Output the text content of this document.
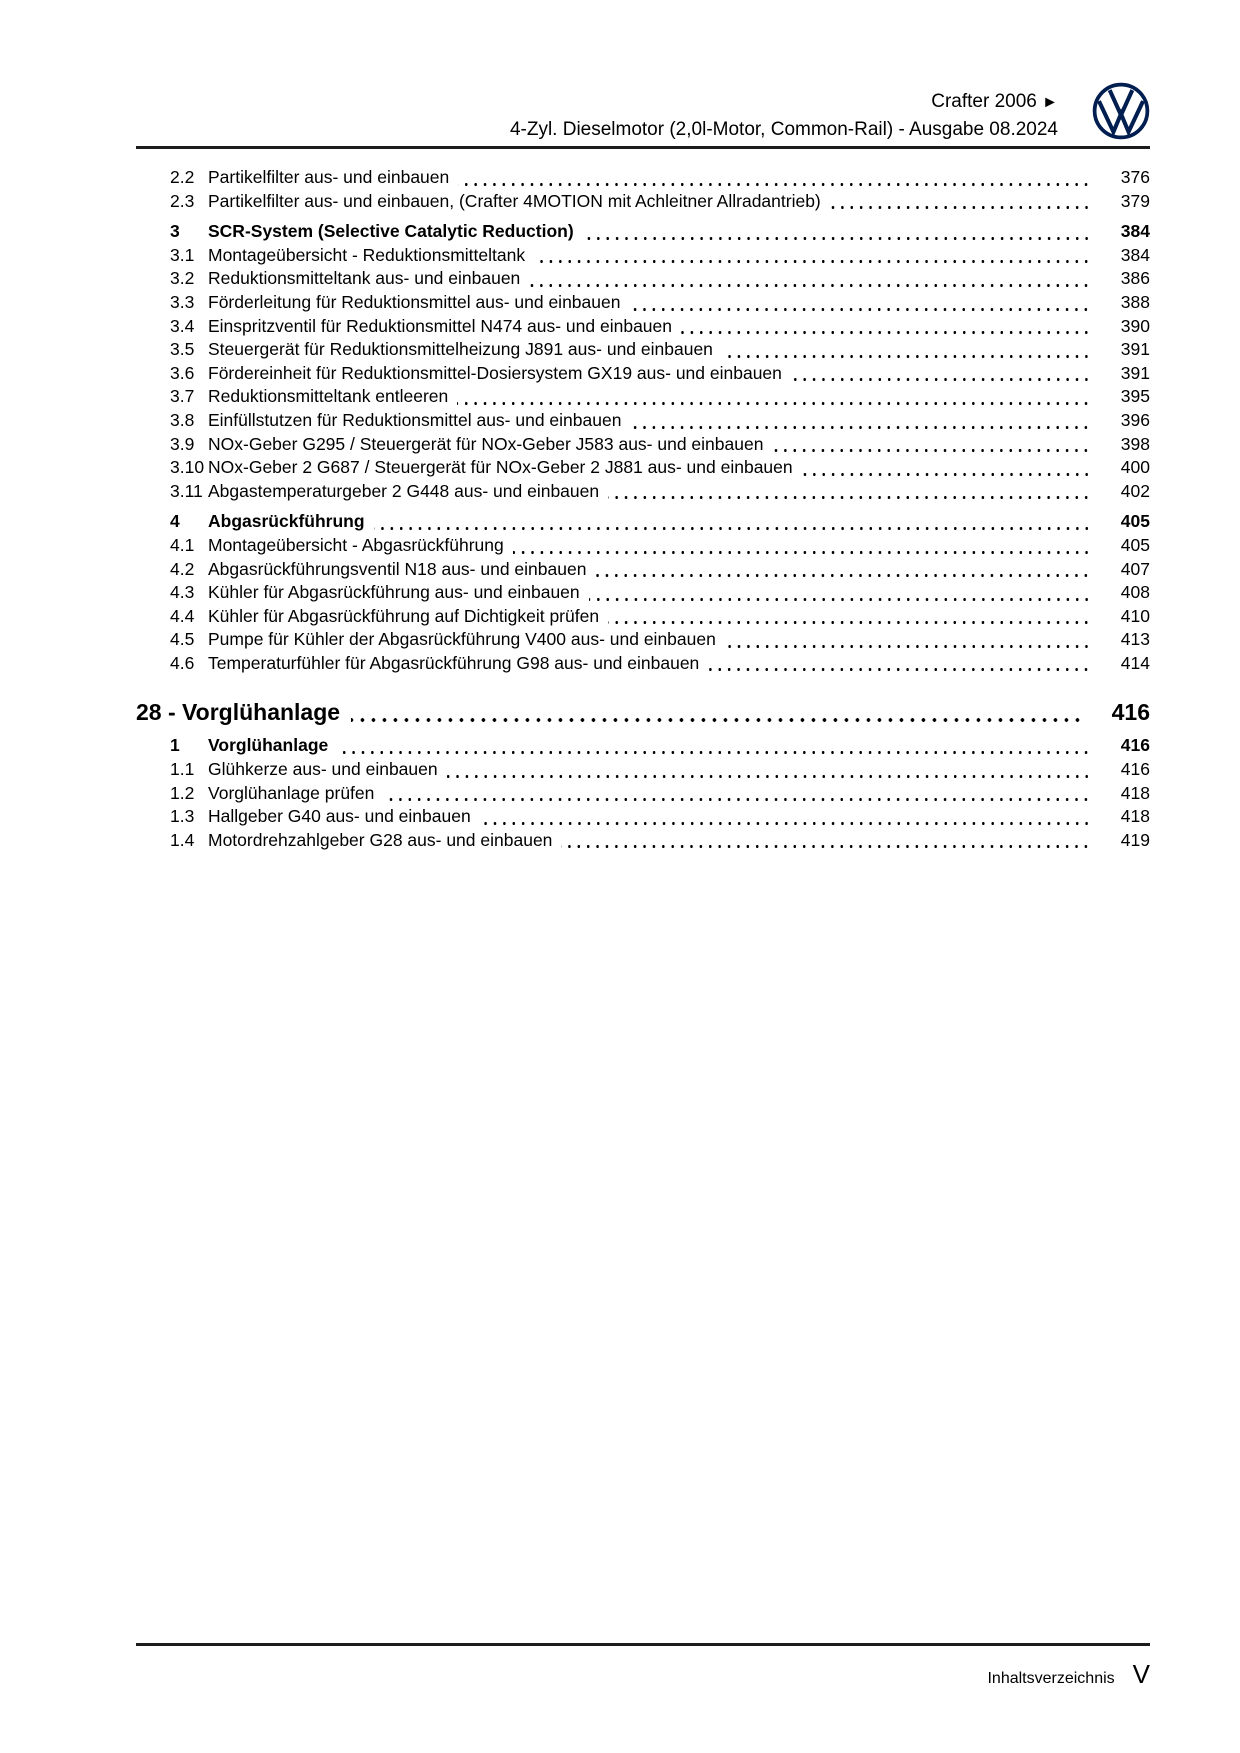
Crafter 2006 ►
4-Zyl. Dieselmotor (2,0l-Motor, Common-Rail) - Ausgabe 08.2024
2.2 Partikelfilter aus- und einbauen	376
2.3 Partikelfilter aus- und einbauen, (Crafter 4MOTION mit Achleitner Allradantrieb)	379
3	SCR-System (Selective Catalytic Reduction)	384
3.1 Montageübersicht - Reduktionsmitteltank	384
3.2 Reduktionsmitteltank aus- und einbauen	386
3.3 Förderleitung für Reduktionsmittel aus- und einbauen	388
3.4 Einspritzventil für Reduktionsmittel N474 aus- und einbauen	390
3.5 Steuergerät für Reduktionsmittelheizung J891 aus- und einbauen	391
3.6 Fördereinheit für Reduktionsmittel-Dosiersystem GX19 aus- und einbauen	391
3.7 Reduktionsmitteltank entleeren	395
3.8 Einfüllstutzen für Reduktionsmittel aus- und einbauen	396
3.9 NOx-Geber G295 / Steuergerät für NOx-Geber J583 aus- und einbauen	398
3.10 NOx-Geber 2 G687 / Steuergerät für NOx-Geber 2 J881 aus- und einbauen	400
3.11 Abgastemperaturgeber 2 G448 aus- und einbauen	402
4	Abgasrückführung	405
4.1 Montageübersicht - Abgasrückführung	405
4.2 Abgasrückführungsventil N18 aus- und einbauen	407
4.3 Kühler für Abgasrückführung aus- und einbauen	408
4.4 Kühler für Abgasrückführung auf Dichtigkeit prüfen	410
4.5 Pumpe für Kühler der Abgasrückführung V400 aus- und einbauen	413
4.6 Temperaturfühler für Abgasrückführung G98 aus- und einbauen	414
28 - Vorglühanlage	416
1	Vorglühanlage	416
1.1 Glühkerze aus- und einbauen	416
1.2 Vorglühanlage prüfen	418
1.3 Hallgeber G40 aus- und einbauen	418
1.4 Motordrehzahlgeber G28 aus- und einbauen	419
Inhaltsverzeichnis V
